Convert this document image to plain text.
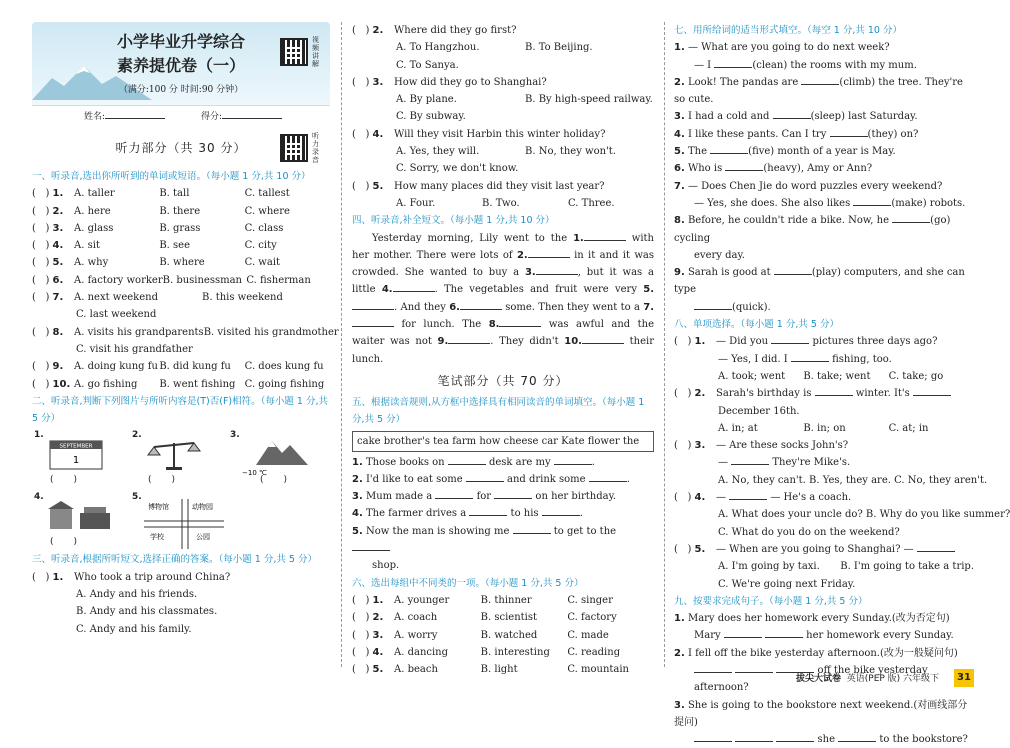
小学毕业升学综合
素养提优卷（一）
（满分:100 分 时间:90 分钟）
视频讲解
姓名:	得分:
听力部分（共 30 分）
听力录音
一、听录音,选出你所听到的单词或短语。（每小题 1 分,共 10 分）
(   ) 1.	A. taller	B. tall	C. tallest
(   ) 2.	A. here	B. there	C. where
(   ) 3.	A. glass	B. grass	C. class
(   ) 4.	A. sit	B. see	C. city
(   ) 5.	A. why	B. where	C. wait
(   ) 6.	A. factory worker B. businessman C. fisherman
(   ) 7.	A. next weekend	B. this weekend
C. last weekend
(   ) 8.	A. visits his grandparents B. visited his grandmother
C. visit his grandfather
(   ) 9.	A. doing kung fu B. did kung fu	C. does kung fu
(   ) 10. A. go fishing	B. went fishing C. going fishing
二、听录音,判断下列图片与所听内容是(T)否(F)相符。（每小题 1 分,共 5 分）
1.
SEPTEMBER
1
(       )
2.
(       )
3.
−10 ℃
(       )
4.
(       )
5.
博物馆	动物园
学校	公园
三、听录音,根据所听短文,选择正确的答案。（每小题 1 分,共 5 分）
(   ) 1.	Who took a trip around China?
A. Andy and his friends.
B. Andy and his classmates.
C. Andy and his family.
(   ) 2.	Where did they go first?
A. To Hangzhou.	B. To Beijing.
C. To Sanya.
(   ) 3.	How did they go to Shanghai?
A. By plane.	B. By high-speed railway.
C. By subway.
(   ) 4.	Will they visit Harbin this winter holiday?
A. Yes, they will.	B. No, they won't.
C. Sorry, we don't know.
(   ) 5.	How many places did they visit last year?
A. Four.	B. Two.	C. Three.
四、听录音,补全短文。（每小题 1 分,共 10 分）

Yesterday morning, Lily went to the 1.	with her mother. There were lots of 2.	in it and it was crowded. She wanted to buy a 3.	, but it was a little 4.	. The vegetables and fruit were very 5.. And they 6.	some. Then they went to a 7. for lunch. The 8.	was awful and the waiter was not 9.	. They didn't 10.	their lunch.

笔试部分（共 70 分）
五、根据读音规则,从方框中选择具有相同读音的单词填空。（每小题 1 分,共 5 分）
cake brother's tea farm how cheese car Kate flower the
1. Those books on	desk are my	.
2. I'd like to eat some	and drink some	.
3. Mum made a	for	on her birthday.
4. The farmer drives a	to his	.
5. Now the man is showing me	to get to the
shop.
六、选出每组中不同类的一项。（每小题 1 分,共 5 分）
(   ) 1.	A. younger	B. thinner	C. singer
(   ) 2.	A. coach	B. scientist	C. factory
(   ) 3.	A. worry	B. watched	C. made
(   ) 4.	A. dancing	B. interesting	C. reading
(   ) 5.	A. beach	B. light	C. mountain
七、用所给词的适当形式填空。（每空 1 分,共 10 分）
1. — What are you going to do next week?
— I	(clean) the rooms with my mum.
2. Look! The pandas are	(climb) the tree. They're so cute.
3. I had a cold and	(sleep) last Saturday.
4. I like these pants. Can I try	(they) on?
5. The	(five) month of a year is May.
6. Who is	(heavy), Amy or Ann?
7. — Does Chen Jie do word puzzles every weekend?
— Yes, she does. She also likes	(make) robots.
8. Before, he couldn't ride a bike. Now, he	(go) cycling
every day.
9. Sarah is good at	(play) computers, and she can type
(quick).
八、单项选择。（每小题 1 分,共 5 分）
(   ) 1. — Did you	pictures three days ago?
— Yes, I did. I	fishing, too.
A. took; went	B. take; went	C. take; go
(   ) 2. Sarah's birthday is	winter. It's
December 16th.
A. in; at	B. in; on	C. at; in
(   ) 3. — Are these socks John's?
—	They're Mike's.
A. No, they can't. B. Yes, they are. C. No, they aren't.
(   ) 4. —	— He's a coach.
A. What does your uncle do? B. Why do you like summer?
C. What do you do on the weekend?
(   ) 5. — When are you going to Shanghai? —
A. I'm going by taxi.	B. I'm going to take a trip.
C. We're going next Friday.
九、按要求完成句子。（每小题 1 分,共 5 分）
1. Mary does her homework every Sunday.(改为否定句)
Mary	her homework every Sunday.
2. I fell off the bike yesterday afternoon.(改为一般疑问句)
off the bike yesterday afternoon?
3. She is going to the bookstore next weekend.(对画线部分提问)
she	to the bookstore?
拔尖大试卷 英语(PEP 版) 六年级下	31
